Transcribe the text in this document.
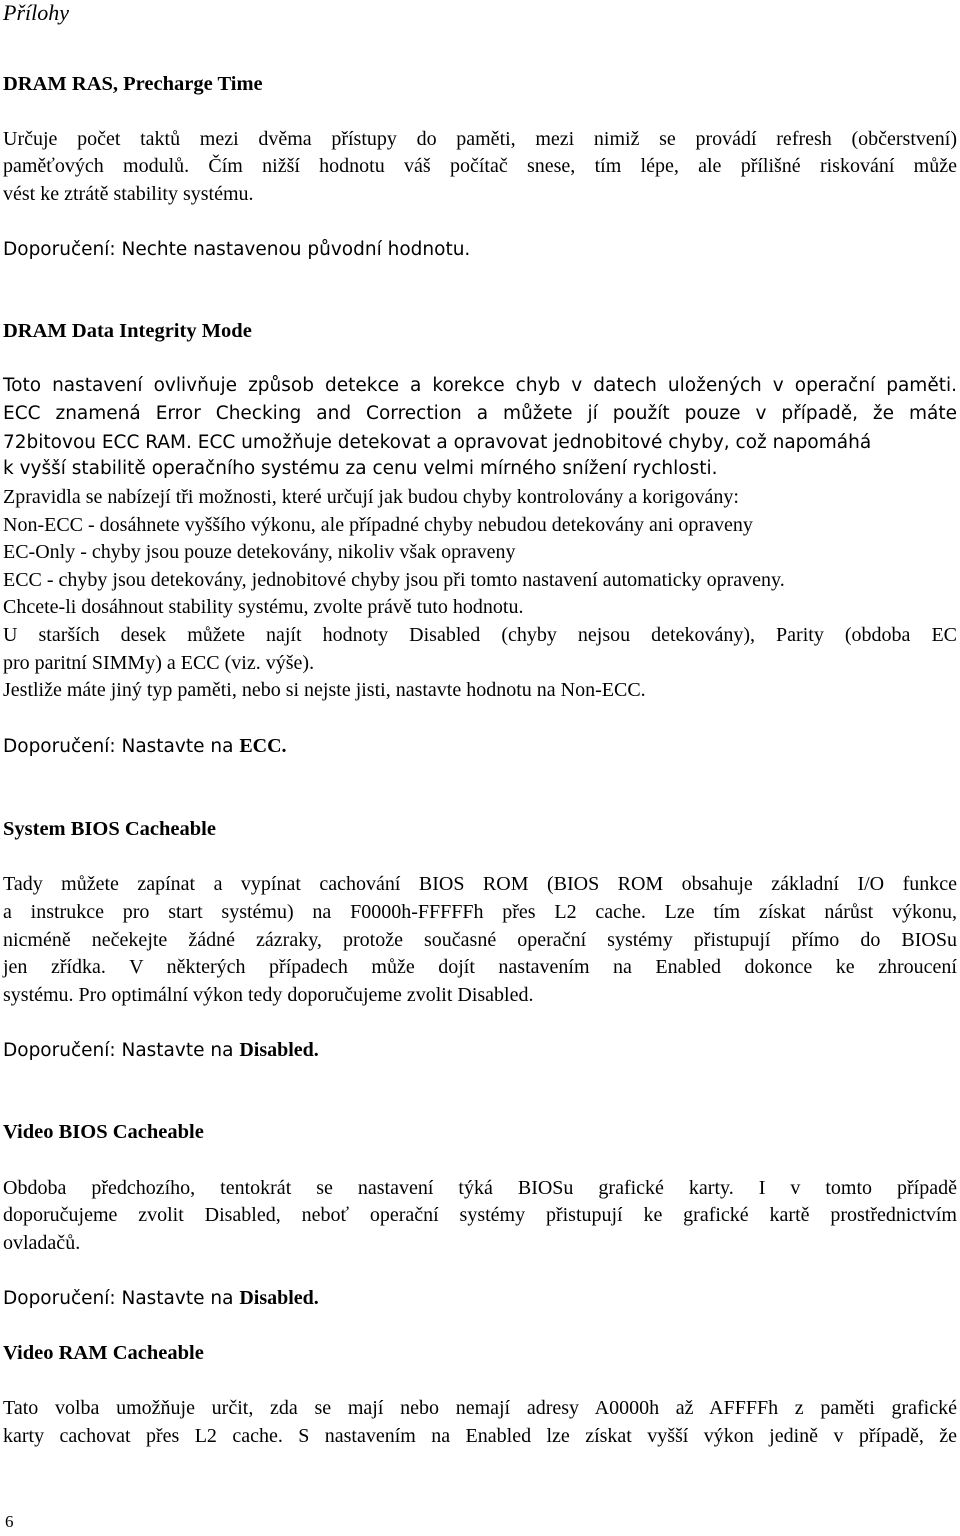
Přílohy
DRAM RAS, Precharge Time
Určuje počet taktů mezi dvěma přístupy do paměti, mezi nimiž se provádí refresh (občerstvení)
paměťových modulů. Čím nižší hodnotu váš počítač snese, tím lépe, ale přílišné riskování může
vést ke ztrátě stability systému.
Doporučení: Nechte nastavenou původní hodnotu.
DRAM Data Integrity Mode
Toto nastavení ovlivňuje způsob detekce a korekce chyb v datech uložených v operační paměti.
ECC znamená Error Checking and Correction a můžete jí použít pouze v případě, že máte
72bitovou ECC RAM. ECC umožňuje detekovat a opravovat jednobitové chyby, což napomáhá
k vyšší stabilitě operačního systému za cenu velmi mírného snížení rychlosti.
Zpravidla se nabízejí tři možnosti, které určují jak budou chyby kontrolovány a korigovány:
Non-ECC - dosáhnete vyššího výkonu, ale případné chyby nebudou detekovány ani opraveny
EC-Only - chyby jsou pouze detekovány, nikoliv však opraveny
ECC - chyby jsou detekovány, jednobitové chyby jsou při tomto nastavení automaticky opraveny.
Chcete-li dosáhnout stability systému, zvolte právě tuto hodnotu.
U starších desek můžete najít hodnoty Disabled (chyby nejsou detekovány), Parity (obdoba EC
pro paritní SIMMy) a ECC (viz. výše).
Jestliže máte jiný typ paměti, nebo si nejste jisti, nastavte hodnotu na Non-ECC.
Doporučení: Nastavte na ECC.
System BIOS Cacheable
Tady můžete zapínat a vypínat cachování BIOS ROM (BIOS ROM obsahuje základní I/O funkce
a instrukce pro start systému) na F0000h-FFFFFh přes L2 cache. Lze tím získat nárůst výkonu,
nicméně nečekejte žádné zázraky, protože současné operační systémy přistupují přímo do BIOSu
jen zřídka. V některých případech může dojít nastavením na Enabled dokonce ke zhroucení
systému. Pro optimální výkon tedy doporučujeme zvolit Disabled.
Doporučení: Nastavte na Disabled.
Video BIOS Cacheable
Obdoba předchozího, tentokrát se nastavení týká BIOSu grafické karty. I v tomto případě
doporučujeme zvolit Disabled, neboť operační systémy přistupují ke grafické kartě prostřednictvím
ovladačů.
Doporučení: Nastavte na Disabled.
Video RAM Cacheable
Tato volba umožňuje určit, zda se mají nebo nemají adresy A0000h až AFFFFh z paměti grafické
karty cachovat přes L2 cache. S nastavením na Enabled lze získat vyšší výkon jedině v případě, že
6
